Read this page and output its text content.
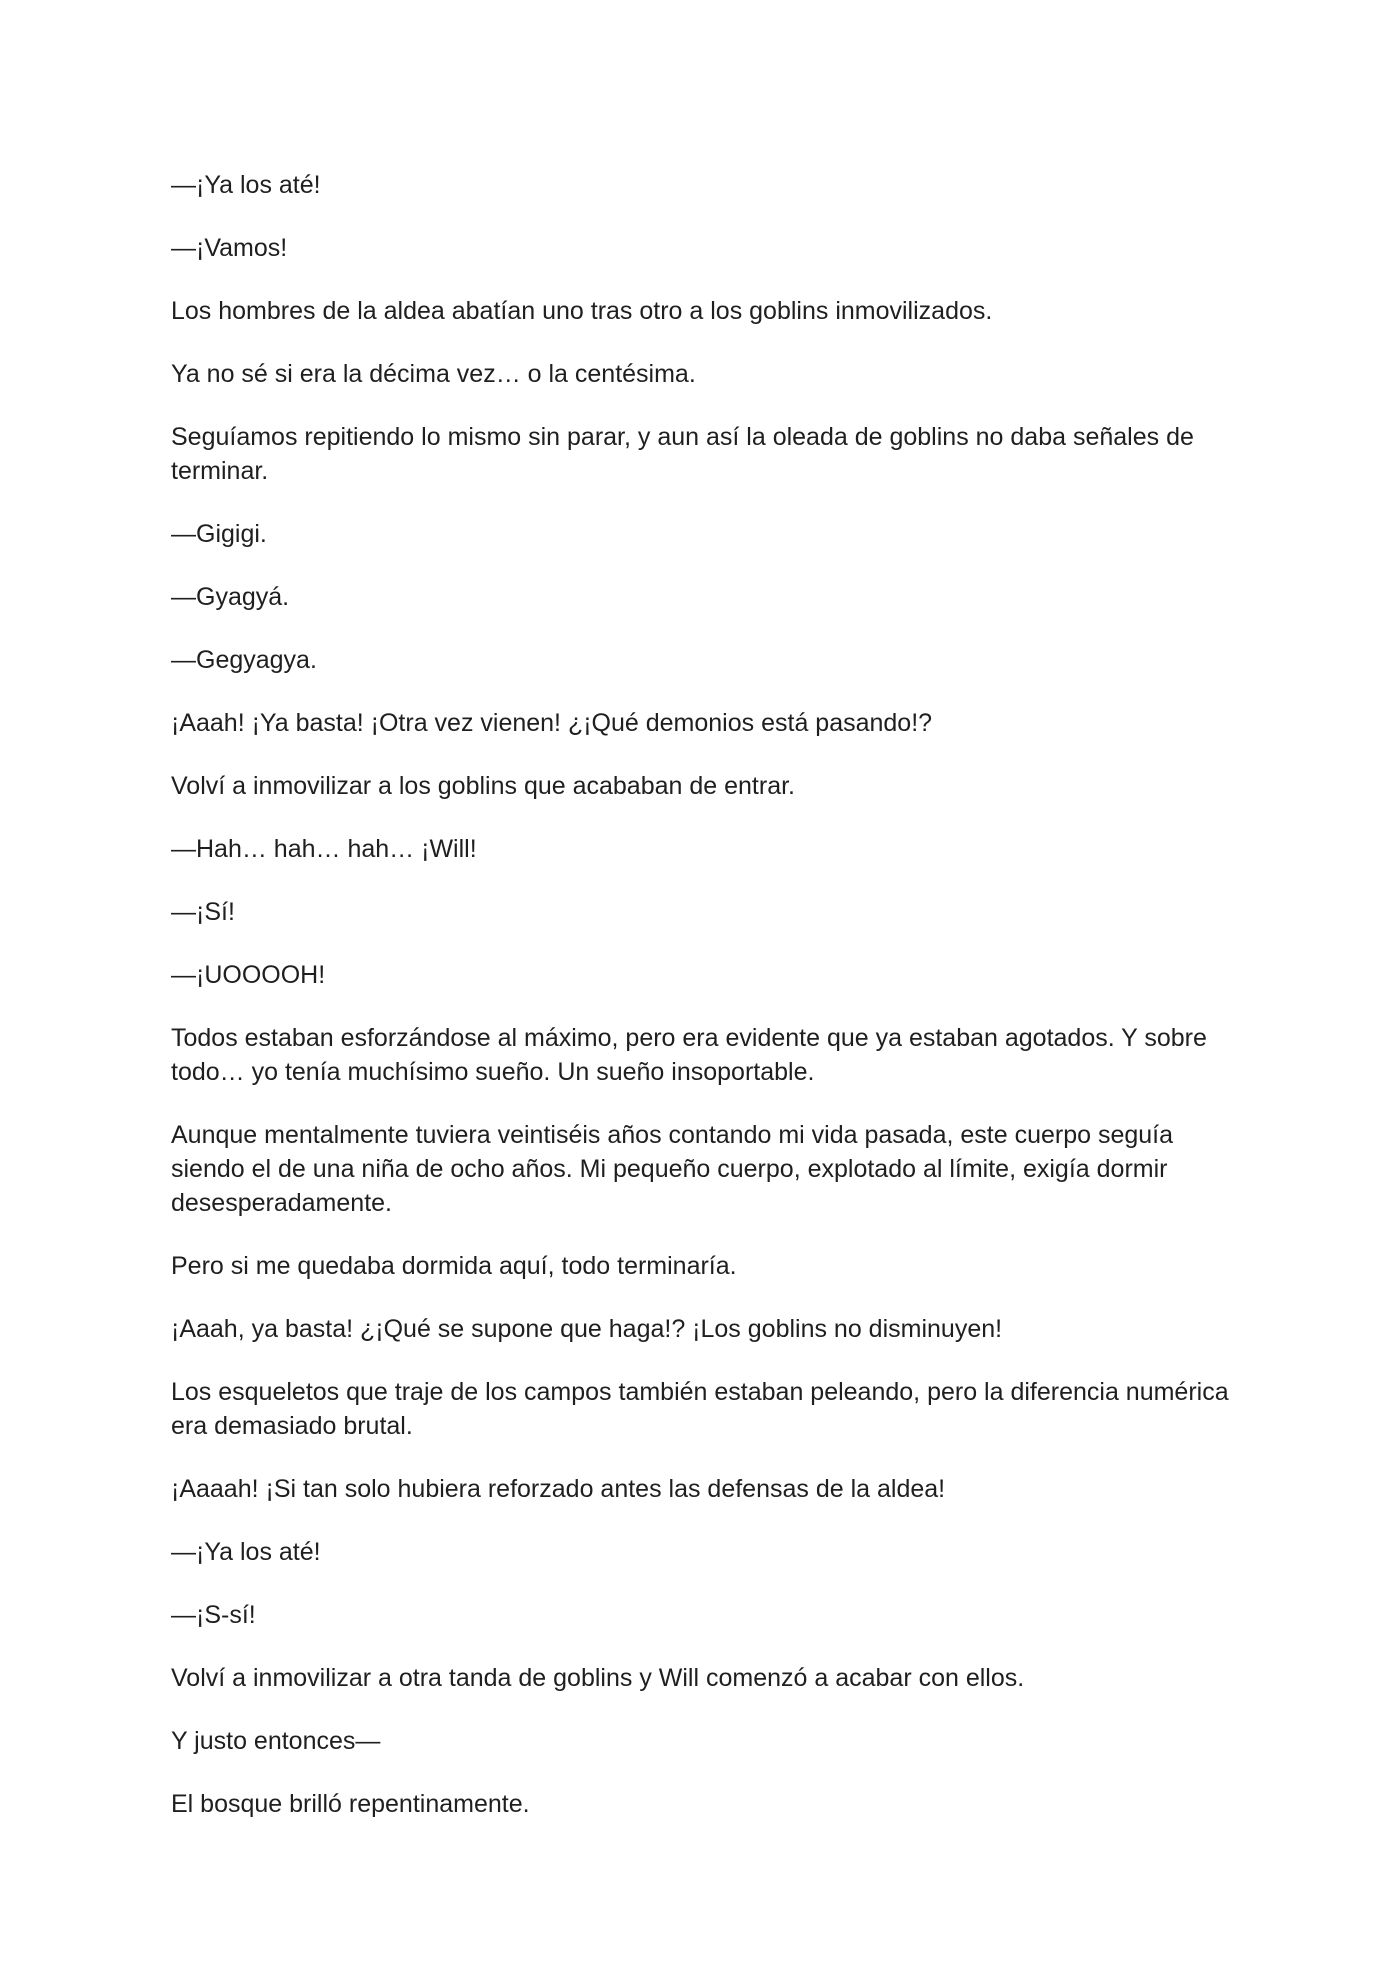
—¡Ya los até!

—¡Vamos!

Los hombres de la aldea abatían uno tras otro a los goblins inmovilizados.

Ya no sé si era la décima vez… o la centésima.

Seguíamos repitiendo lo mismo sin parar, y aun así la oleada de goblins no daba señales de terminar.

—Gigigi.

—Gyagyá.

—Gegyagya.

¡Aaah! ¡Ya basta! ¡Otra vez vienen! ¿¡Qué demonios está pasando!?

Volví a inmovilizar a los goblins que acababan de entrar.

—Hah… hah… hah… ¡Will!

—¡Sí!

—¡UOOOOH!

Todos estaban esforzándose al máximo, pero era evidente que ya estaban agotados. Y sobre todo… yo tenía muchísimo sueño. Un sueño insoportable.

Aunque mentalmente tuviera veintiséis años contando mi vida pasada, este cuerpo seguía siendo el de una niña de ocho años. Mi pequeño cuerpo, explotado al límite, exigía dormir desesperadamente.

Pero si me quedaba dormida aquí, todo terminaría.

¡Aaah, ya basta! ¿¡Qué se supone que haga!? ¡Los goblins no disminuyen!

Los esqueletos que traje de los campos también estaban peleando, pero la diferencia numérica era demasiado brutal.

¡Aaaah! ¡Si tan solo hubiera reforzado antes las defensas de la aldea!

—¡Ya los até!

—¡S-sí!

Volví a inmovilizar a otra tanda de goblins y Will comenzó a acabar con ellos.

Y justo entonces—

El bosque brilló repentinamente.
